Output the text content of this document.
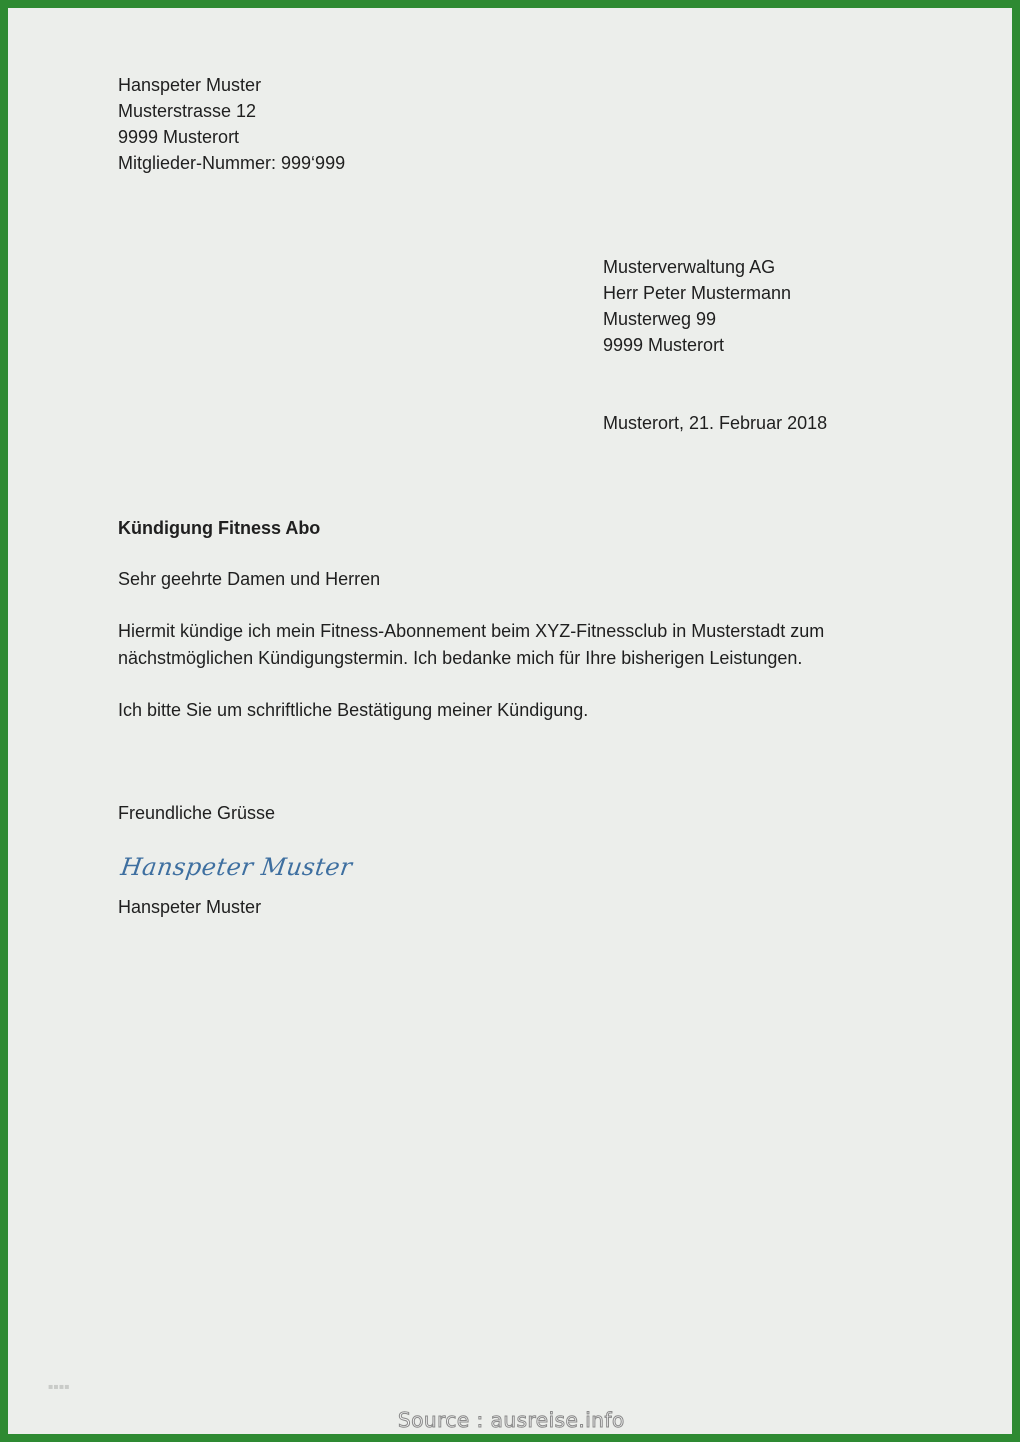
Hanspeter Muster
Musterstrasse 12
9999 Musterort
Mitglieder-Nummer: 999‘999
Musterverwaltung AG
Herr Peter Mustermann
Musterweg 99
9999 Musterort
Musterort, 21. Februar 2018
Kündigung Fitness Abo
Sehr geehrte Damen und Herren
Hiermit kündige ich mein Fitness-Abonnement beim XYZ-Fitnessclub in Musterstadt zum
nächstmöglichen Kündigungstermin. Ich bedanke mich für Ihre bisherigen Leistungen.
Ich bitte Sie um schriftliche Bestätigung meiner Kündigung.
Freundliche Grüsse
Hanspeter Muster
Hanspeter Muster
▪▪▪▪
Source : ausreise.info
